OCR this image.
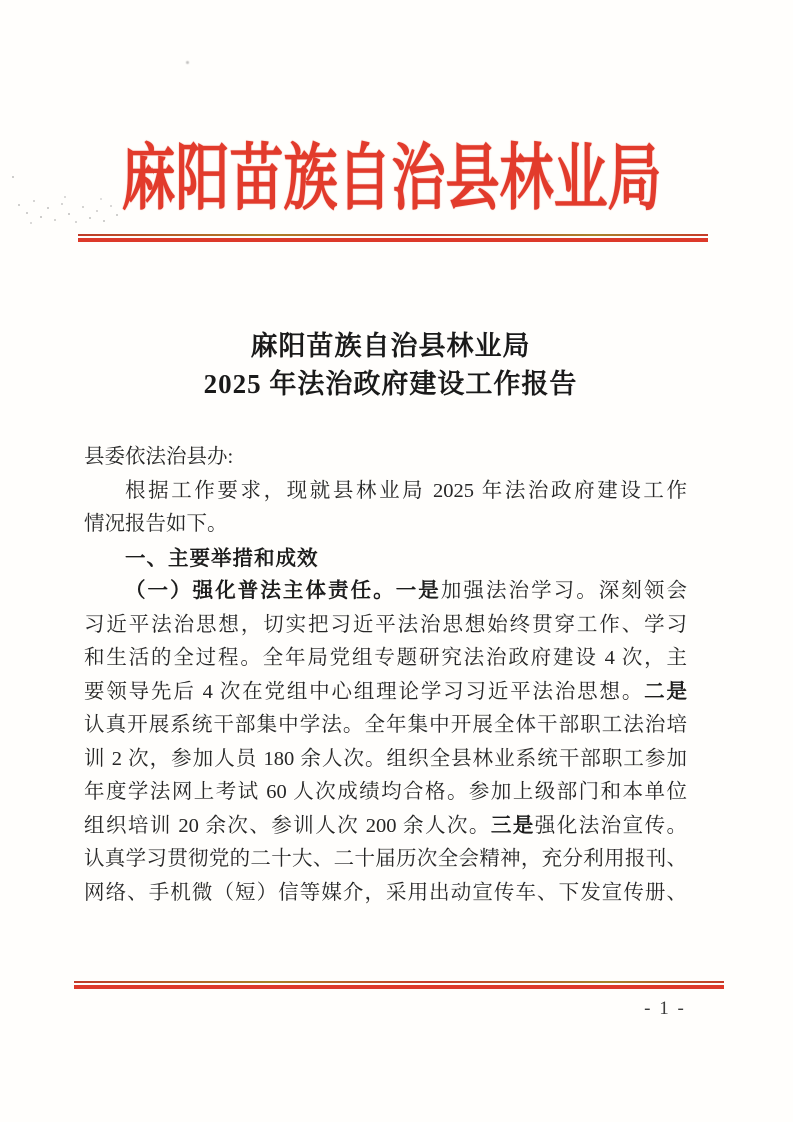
麻阳苗族自治县林业局
麻阳苗族自治县林业局
2025 年法治政府建设工作报告
县委依法治县办:
根据工作要求，现就县林业局 2025 年法治政府建设工作
情况报告如下。
一、主要举措和成效
（一）强化普法主体责任。一是加强法治学习。深刻领会
习近平法治思想，切实把习近平法治思想始终贯穿工作、学习
和生活的全过程。全年局党组专题研究法治政府建设 4 次，主
要领导先后 4 次在党组中心组理论学习习近平法治思想。二是
认真开展系统干部集中学法。全年集中开展全体干部职工法治培
训 2 次，参加人员 180 余人次。组织全县林业系统干部职工参加
年度学法网上考试 60 人次成绩均合格。参加上级部门和本单位
组织培训 20 余次、参训人次 200 余人次。三是强化法治宣传。
认真学习贯彻党的二十大、二十届历次全会精神，充分利用报刊、
网络、手机微（短）信等媒介，采用出动宣传车、下发宣传册、
- 1 -
